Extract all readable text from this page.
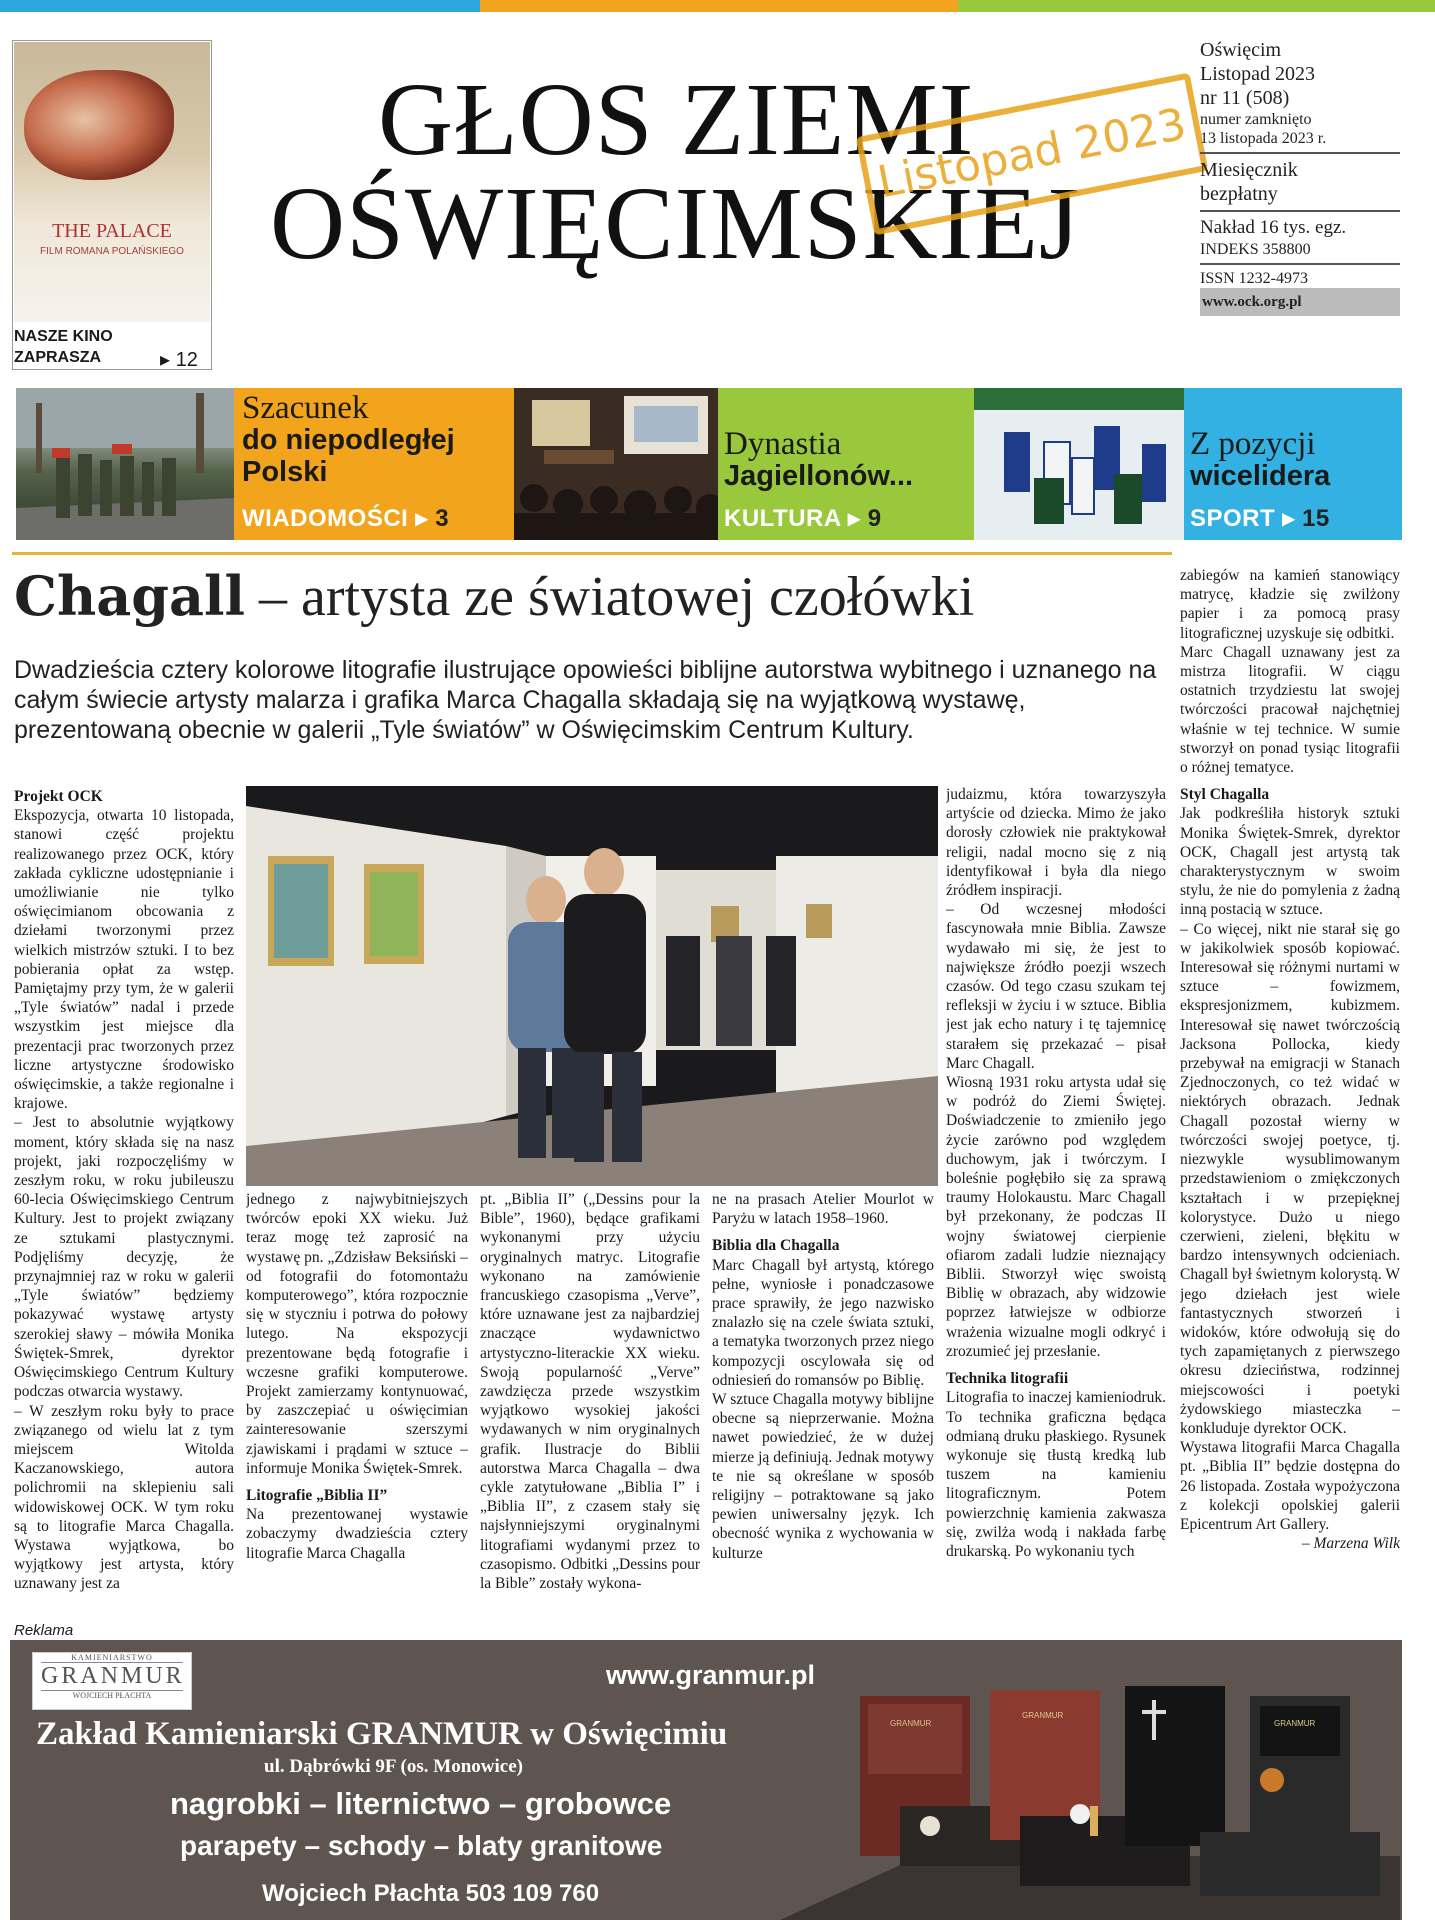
THE PALACE
FILM ROMANA POLAŃSKIEGO
NASZE KINO
ZAPRASZA	▸ 12
GŁOS ZIEMI
OŚWIĘCIMSKIEJ
Listopad 2023
Oświęcim
Listopad 2023
nr 11 (508)
numer zamknięto
13 listopada 2023 r.
Miesięcznik
bezpłatny
Nakład 16 tys. egz.
INDEKS 358800
ISSN 1232-4973
www.ock.org.pl
Szacunek
do niepodległej
Polski
WIADOMOŚCI ▸ 3
Dynastia
Jagiellonów...
KULTURA ▸ 9
Z pozycji
wicelidera
SPORT ▸ 15
Chagall – artysta ze światowej czołówki
Dwadzieścia cztery kolorowe litografie ilustrujące opowieści biblijne autorstwa wybitnego i uznanego na całym świecie artysty malarza i grafika Marca Chagalla składają się na wyjątkową wystawę, prezentowaną obecnie w galerii „Tyle światów” w Oświęcimskim Centrum Kultury.

Projekt OCK

Ekspozycja, otwarta 10 listopada, stanowi część projektu realizowanego przez OCK, który zakłada cykliczne udostępnianie i umożliwianie nie tylko oświęcimianom obcowania z dziełami tworzonymi przez wielkich mistrzów sztuki. I to bez pobierania opłat za wstęp. Pamiętajmy przy tym, że w galerii „Tyle światów” nadal i przede wszystkim jest miejsce dla prezentacji prac tworzonych przez liczne artystyczne środowisko oświęcimskie, a także regionalne i krajowe.
– Jest to absolutnie wyjątkowy moment, który składa się na nasz projekt, jaki rozpoczęliśmy w zeszłym roku, w roku jubileuszu 60-lecia Oświęcimskiego Centrum Kultury. Jest to projekt związany ze sztukami plastycznymi. Podjęliśmy decyzję, że przynajmniej raz w roku w galerii „Tyle światów” będziemy pokazywać wystawę artysty szerokiej sławy – mówiła Monika Świętek-Smrek, dyrektor Oświęcimskiego Centrum Kultury podczas otwarcia wystawy.
– W zeszłym roku były to prace związanego od wielu lat z tym miejscem Witolda Kaczanowskiego, autora polichromii na sklepieniu sali widowiskowej OCK. W tym roku są to litografie Marca Chagalla. Wystawa wyjątkowa, bo wyjątkowy jest artysta, który uznawany jest za

jednego z najwybitniejszych twórców epoki XX wieku. Już teraz mogę też zaprosić na wystawę pn. „Zdzisław Beksiński – od fotografii do fotomontażu komputerowego”, która rozpocznie się w styczniu i potrwa do połowy lutego. Na ekspozycji prezentowane będą fotografie i wczesne grafiki komputerowe. Projekt zamierzamy kontynuować, by zaszczepiać u oświęcimian zainteresowanie szerszymi zjawiskami i prądami w sztuce – informuje Monika Świętek-Smrek.

Litografie „Biblia II”

Na prezentowanej wystawie zobaczymy dwadzieścia cztery litografie Marca Chagalla

pt. „Biblia II” („Dessins pour la Bible”, 1960), będące grafikami wykonanymi przy użyciu oryginalnych matryc. Litografie wykonano na zamówienie francuskiego czasopisma „Verve”, które uznawane jest za najbardziej znaczące wydawnictwo artystyczno-literackie XX wieku. Swoją popularność „Verve” zawdzięcza przede wszystkim wyjątkowo wysokiej jakości wydawanych w nim oryginalnych grafik. Ilustracje do Biblii autorstwa Marca Chagalla – dwa cykle zatytułowane „Biblia I” i „Biblia II”, z czasem stały się najsłynniejszymi oryginalnymi litografiami wydanymi przez to czasopismo. Odbitki „Dessins pour la Bible” zostały wykona-

ne na prasach Atelier Mourlot w Paryżu w latach 1958–1960.

Biblia dla Chagalla

Marc Chagall był artystą, którego pełne, wyniosłe i ponadczasowe prace sprawiły, że jego nazwisko znalazło się na czele świata sztuki, a tematyka tworzonych przez niego kompozycji oscylowała się od odniesień do romansów po Biblię.
W sztuce Chagalla motywy biblijne obecne są nieprzerwanie. Można nawet powiedzieć, że w dużej mierze ją definiują. Jednak motywy te nie są określane w sposób religijny – potraktowane są jako pewien uniwersalny język. Ich obecność wynika z wychowania w kulturze

judaizmu, która towarzyszyła artyście od dziecka. Mimo że jako dorosły człowiek nie praktykował religii, nadal mocno się z nią identyfikował i była dla niego źródłem inspiracji.
– Od wczesnej młodości fascynowała mnie Biblia. Zawsze wydawało mi się, że jest to największe źródło poezji wszech czasów. Od tego czasu szukam tej refleksji w życiu i w sztuce. Biblia jest jak echo natury i tę tajemnicę starałem się przekazać – pisał Marc Chagall.
Wiosną 1931 roku artysta udał się w podróż do Ziemi Świętej. Doświadczenie to zmieniło jego życie zarówno pod względem duchowym, jak i twórczym. I boleśnie pogłębiło się za sprawą traumy Holokaustu. Marc Chagall był przekonany, że podczas II wojny światowej cierpienie ofiarom zadali ludzie nieznający Biblii. Stworzył więc swoistą Biblię w obrazach, aby widzowie poprzez łatwiejsze w odbiorze wrażenia wizualne mogli odkryć i zrozumieć jej przesłanie.

Technika litografii

Litografia to inaczej kamieniodruk. To technika graficzna będąca odmianą druku płaskiego. Rysunek wykonuje się tłustą kredką lub tuszem na kamieniu litograficznym. Potem powierzchnię kamienia zakwasza się, zwilża wodą i nakłada farbę drukarską. Po wykonaniu tych

zabiegów na kamień stanowiący matrycę, kładzie się zwilżony papier i za pomocą prasy litograficznej uzyskuje się odbitki.
Marc Chagall uznawany jest za mistrza litografii. W ciągu ostatnich trzydziestu lat swojej twórczości pracował najchętniej właśnie w tej technice. W sumie stworzył on ponad tysiąc litografii o różnej tematyce.

Styl Chagalla

Jak podkreśliła historyk sztuki Monika Świętek-Smrek, dyrektor OCK, Chagall jest artystą tak charakterystycznym w swoim stylu, że nie do pomylenia z żadną inną postacią w sztuce.
– Co więcej, nikt nie starał się go w jakikolwiek sposób kopiować. Interesował się różnymi nurtami w sztuce – fowizmem, ekspresjonizmem, kubizmem. Interesował się nawet twórczością Jacksona Pollocka, kiedy przebywał na emigracji w Stanach Zjednoczonych, co też widać w niektórych obrazach. Jednak Chagall pozostał wierny w twórczości swojej poetyce, tj. niezwykle wysublimowanym przedstawieniom o zmiękczonych kształtach i w przepięknej kolorystyce. Dużo u niego czerwieni, zieleni, błękitu w bardzo intensywnych odcieniach. Chagall był świetnym kolorystą. W jego dziełach jest wiele fantastycznych stworzeń i widoków, które odwołują się do tych zapamiętanych z pierwszego okresu dzieciństwa, rodzinnej miejscowości i poetyki żydowskiego miasteczka – konkluduje dyrektor OCK.
Wystawa litografii Marca Chagalla pt. „Biblia II” będzie dostępna do 26 listopada. Została wypożyczona z kolekcji opolskiej galerii Epicentrum Art Gallery.

– Marzena Wilk

Reklama
KAMIENIARSTWO
GRANMUR
WOJCIECH PŁACHTA
www.granmur.pl
Zakład Kamieniarski GRANMUR w Oświęcimiu
ul. Dąbrówki 9F (os. Monowice)
nagrobki – liternictwo – grobowce
parapety – schody – blaty granitowe
Wojciech Płachta 503 109 760
GRANMUR
GRANMUR
GRANMUR
